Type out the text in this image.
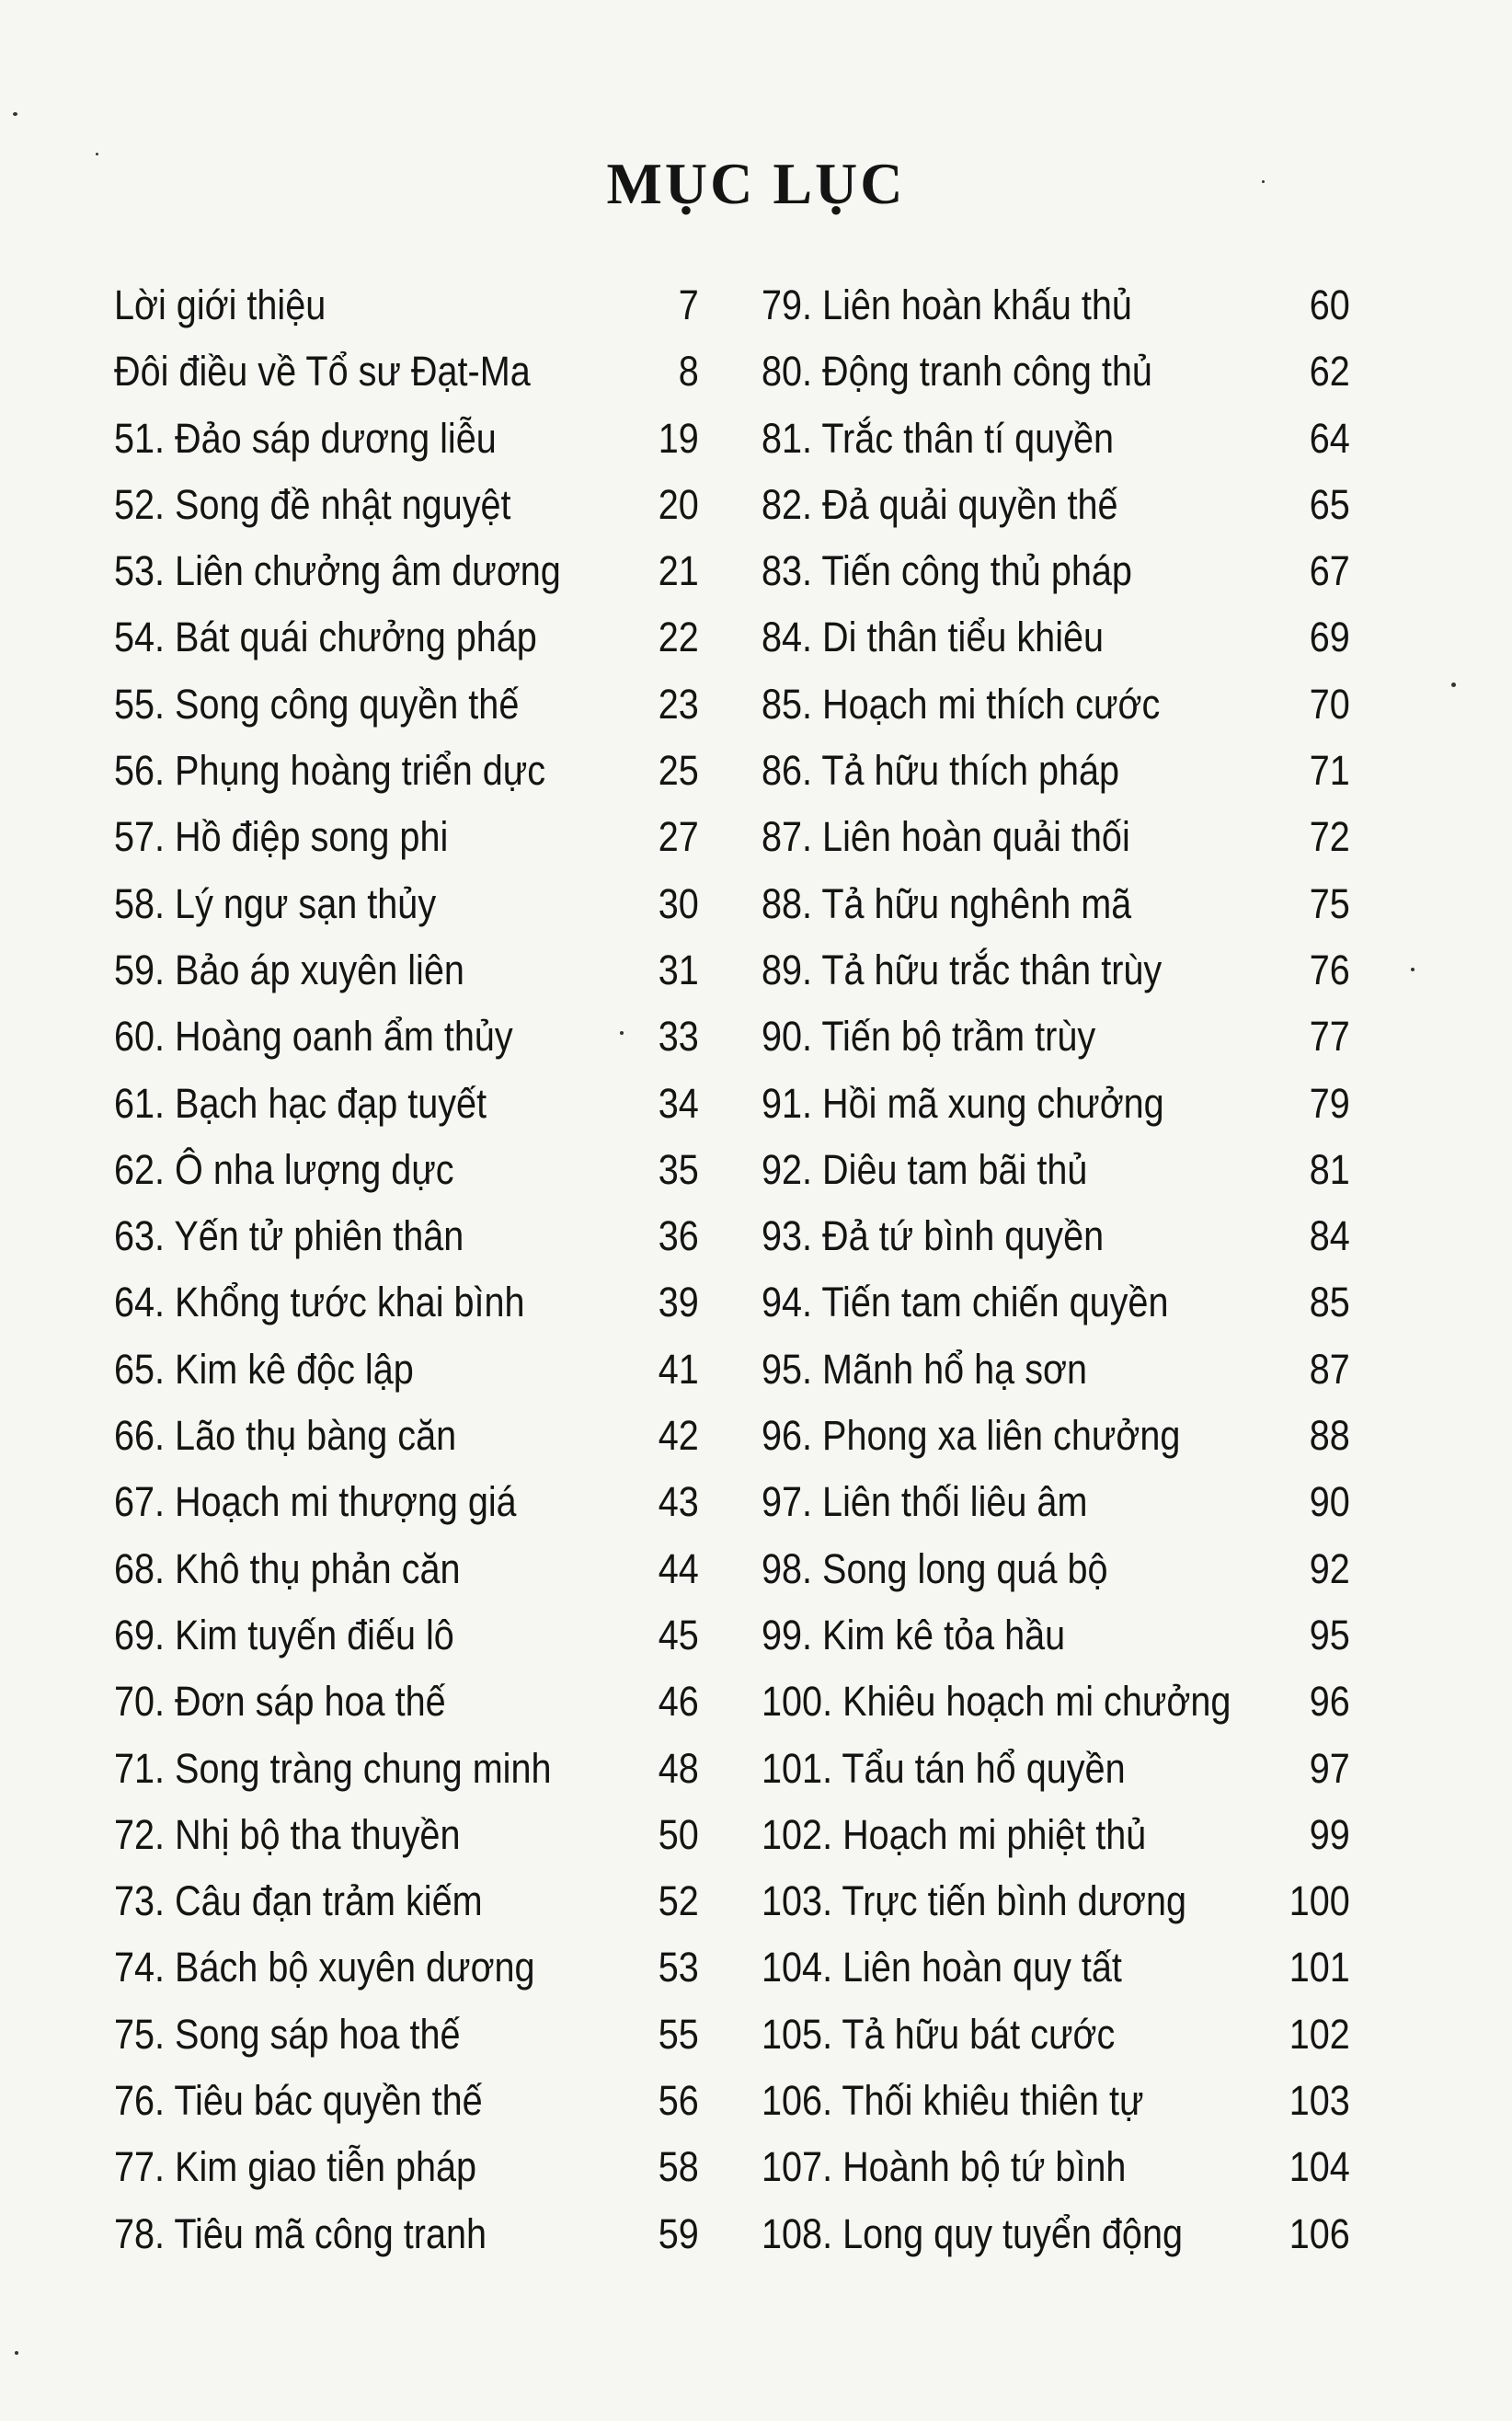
MỤC LỤC
Lời giới thiệu	7
Đôi điều về Tổ sư Đạt-Ma	8
51. Đảo sáp dương liễu	19
52. Song đề nhật nguyệt	20
53. Liên chưởng âm dương 21
54. Bát quái chưởng pháp	22
55. Song công quyền thế	23
56. Phụng hoàng triển dực	25
57. Hồ điệp song phi	27
58. Lý ngư sạn thủy	30
59. Bảo áp xuyên liên	31
60. Hoàng oanh ẩm thủy	33
61. Bạch hạc đạp tuyết	34
62. Ô nha lượng dực	35
63. Yến tử phiên thân	36
64. Khổng tước khai bình	39
65. Kim kê độc lập	41
66. Lão thụ bàng căn	42
67. Hoạch mi thượng giá	43
68. Khô thụ phản căn	44
69. Kim tuyến điếu lô	45
70. Đơn sáp hoa thế	46
71. Song tràng chung minh	48
72. Nhị bộ tha thuyền	50
73. Câu đạn trảm kiếm	52
74. Bách bộ xuyên dương	53
75. Song sáp hoa thế	55
76. Tiêu bác quyền thế	56
77. Kim giao tiễn pháp	58
78. Tiêu mã công tranh	59
79. Liên hoàn khấu thủ	60
80. Động tranh công thủ	62
81. Trắc thân tí quyền	64
82. Đả quải quyền thế	65
83. Tiến công thủ pháp	67
84. Di thân tiểu khiêu	69
85. Hoạch mi thích cước	70
86. Tả hữu thích pháp	71
87. Liên hoàn quải thối	72
88. Tả hữu nghênh mã	75
89. Tả hữu trắc thân trùy	76
90. Tiến bộ trầm trùy	77
91. Hồi mã xung chưởng	79
92. Diêu tam bãi thủ	81
93. Đả tứ bình quyền	84
94. Tiến tam chiến quyền	85
95. Mãnh hổ hạ sơn	87
96. Phong xa liên chưởng	88
97. Liên thối liêu âm	90
98. Song long quá bộ	92
99. Kim kê tỏa hầu	95
100. Khiêu hoạch mi chưởng 96
101. Tẩu tán hổ quyền	97
102. Hoạch mi phiệt thủ	99
103. Trực tiến bình dương 100
104. Liên hoàn quy tất	101
105. Tả hữu bát cước	102
106. Thối khiêu thiên tự	103
107. Hoành bộ tứ bình	104
108. Long quy tuyển động	106
